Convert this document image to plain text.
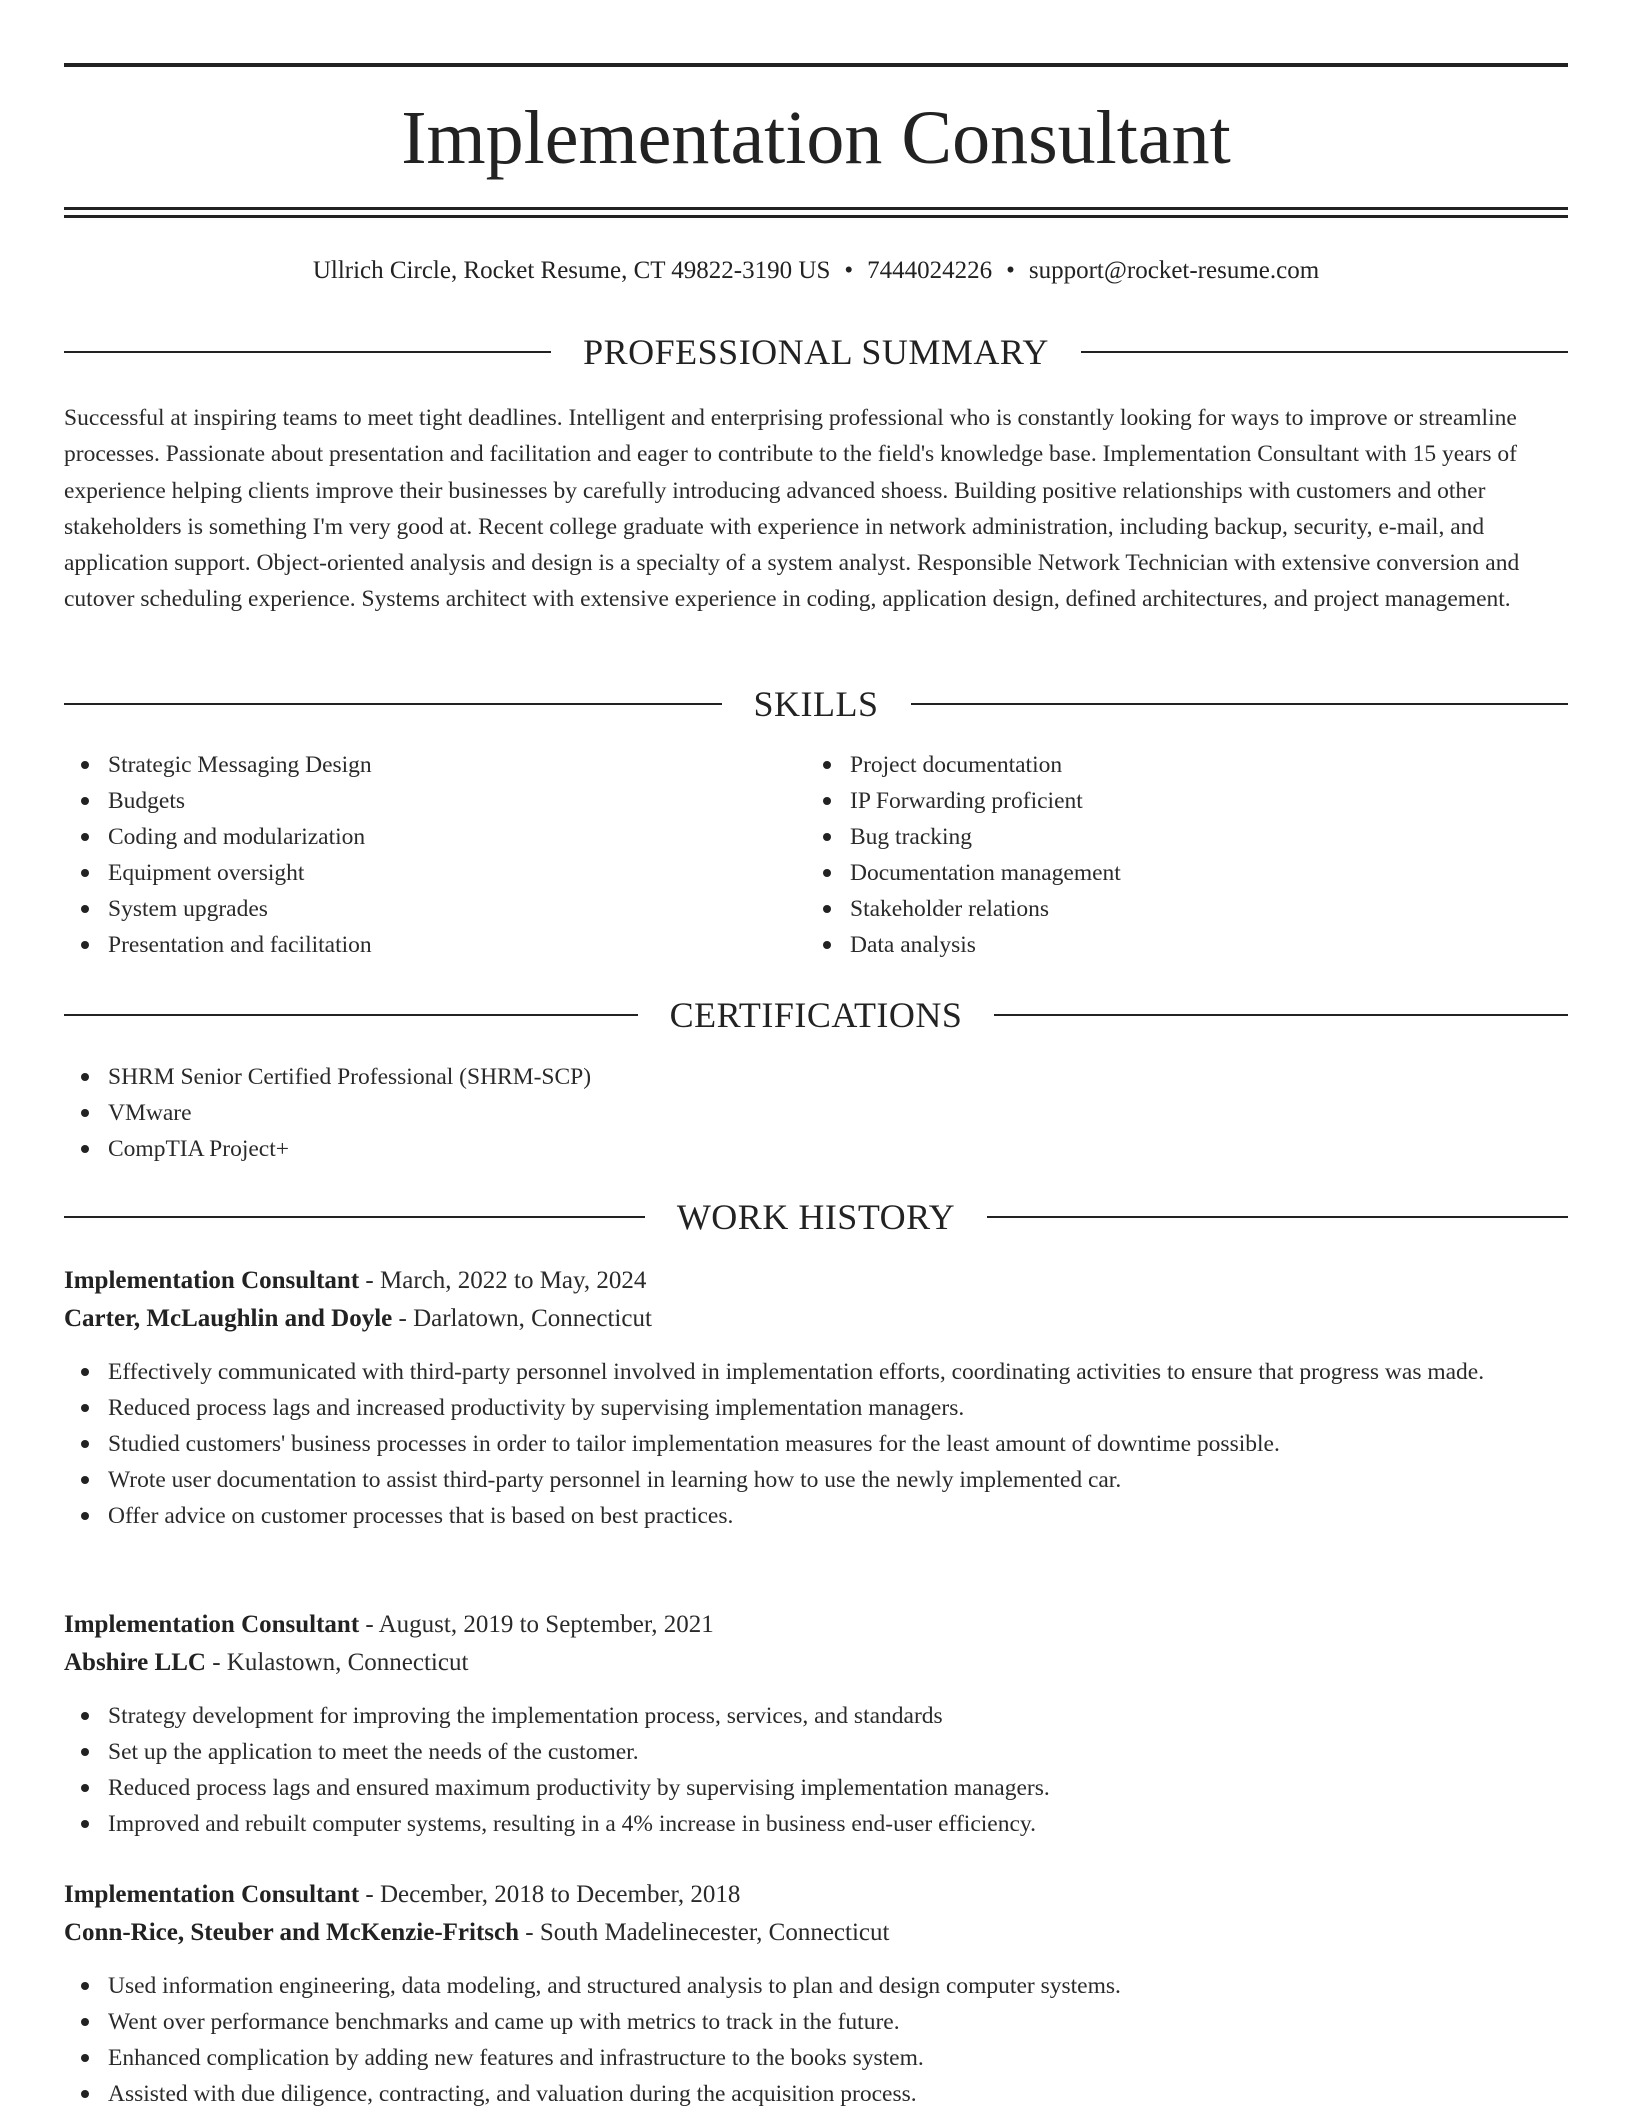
Implementation Consultant
Ullrich Circle, Rocket Resume, CT 49822-3190 US • 7444024226 • support@rocket-resume.com
PROFESSIONAL SUMMARY

Successful at inspiring teams to meet tight deadlines. Intelligent and enterprising professional who is constantly looking for ways to improve or streamline processes. Passionate about presentation and facilitation and eager to contribute to the field's knowledge base. Implementation Consultant with 15 years of experience helping clients improve their businesses by carefully introducing advanced shoess. Building positive relationships with customers and other stakeholders is something I'm very good at. Recent college graduate with experience in network administration, including backup, security, e-mail, and application support. Object-oriented analysis and design is a specialty of a system analyst. Responsible Network Technician with extensive conversion and cutover scheduling experience. Systems architect with extensive experience in coding, application design, defined architectures, and project management.

SKILLS
Strategic Messaging Design
Budgets
Coding and modularization
Equipment oversight
System upgrades
Presentation and facilitation
Project documentation
IP Forwarding proficient
Bug tracking
Documentation management
Stakeholder relations
Data analysis
CERTIFICATIONS
SHRM Senior Certified Professional (SHRM-SCP)
VMware
CompTIA Project+
WORK HISTORY
Implementation Consultant - March, 2022 to May, 2024
Carter, McLaughlin and Doyle - Darlatown, Connecticut
Effectively communicated with third-party personnel involved in implementation efforts, coordinating activities to ensure that progress was made.
Reduced process lags and increased productivity by supervising implementation managers.
Studied customers' business processes in order to tailor implementation measures for the least amount of downtime possible.
Wrote user documentation to assist third-party personnel in learning how to use the newly implemented car.
Offer advice on customer processes that is based on best practices.
Implementation Consultant - August, 2019 to September, 2021
Abshire LLC - Kulastown, Connecticut
Strategy development for improving the implementation process, services, and standards
Set up the application to meet the needs of the customer.
Reduced process lags and ensured maximum productivity by supervising implementation managers.
Improved and rebuilt computer systems, resulting in a 4% increase in business end-user efficiency.
Implementation Consultant - December, 2018 to December, 2018
Conn-Rice, Steuber and McKenzie-Fritsch - South Madelinecester, Connecticut
Used information engineering, data modeling, and structured analysis to plan and design computer systems.
Went over performance benchmarks and came up with metrics to track in the future.
Enhanced complication by adding new features and infrastructure to the books system.
Assisted with due diligence, contracting, and valuation during the acquisition process.
